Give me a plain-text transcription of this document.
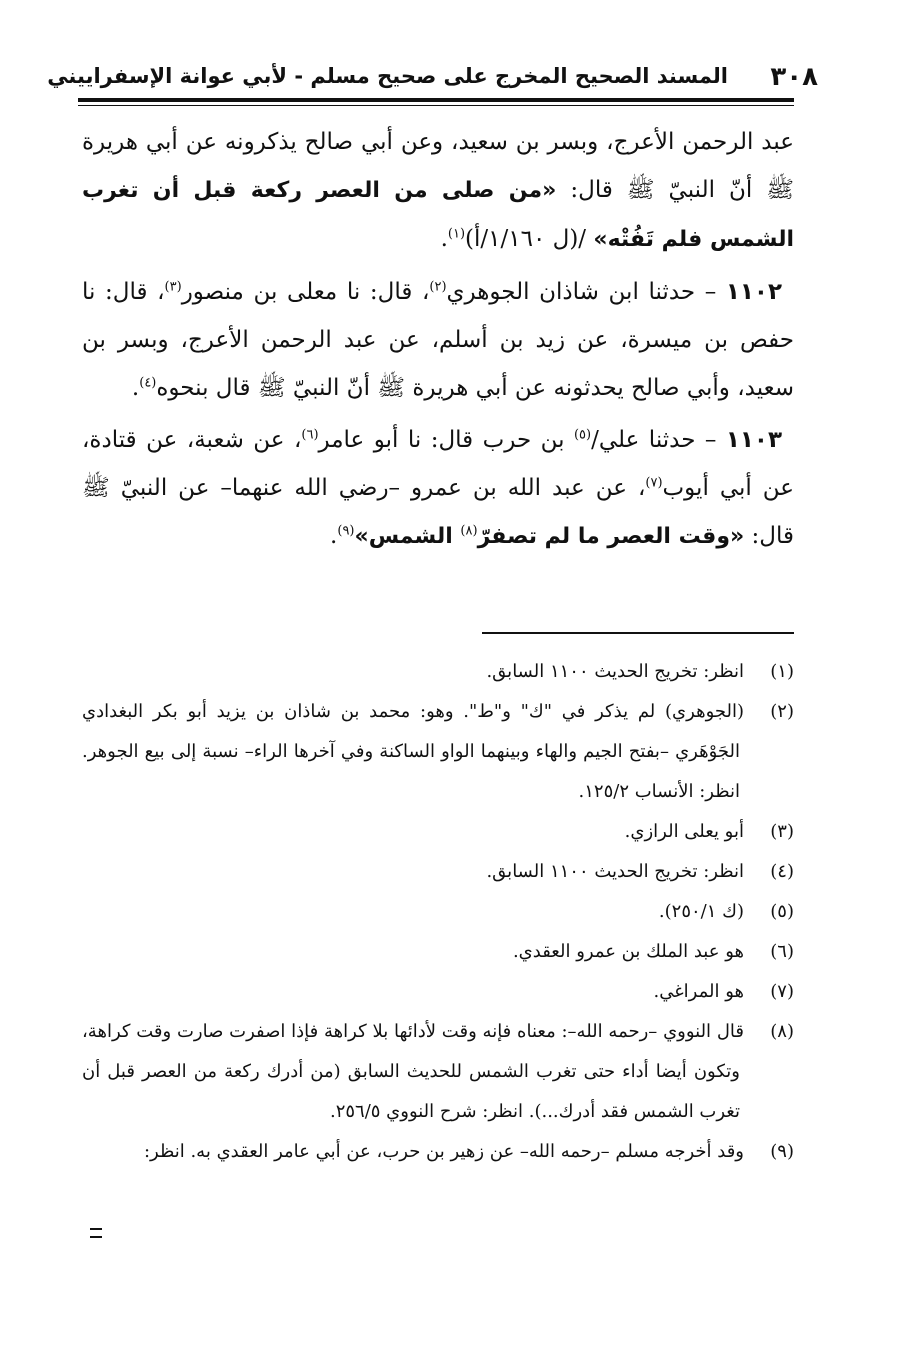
٣٠٨
المسند الصحيح المخرج على صحيح مسلم - لأبي عوانة الإسفراييني

عبد الرحمن الأعرج، وبسر بن سعيد، وعن أبي صالح يذكرونه عن أبي هريرة ﷺ أنّ النبيّ ﷺ قال: «من صلى من العصر ركعة قبل أن تغرب الشمس فلم تَفُتْه» /(ل ١/١٦٠/أ)$^{(١)}$.

١١٠٢ – حدثنا ابن شاذان الجوهري$^{(٢)}$، قال: نا معلى بن منصور$^{(٣)}$، قال: نا حفص بن ميسرة، عن زيد بن أسلم، عن عبد الرحمن الأعرج، وبسر بن سعيد، وأبي صالح يحدثونه عن أبي هريرة ﷺ أنّ النبيّ ﷺ قال بنحوه$^{(٤)}$.

١١٠٣ – حدثنا علي/$^{(٥)}$ بن حرب قال: نا أبو عامر$^{(٦)}$، عن شعبة، عن قتادة، عن أبي أيوب$^{(٧)}$، عن عبد الله بن عمرو –رضي الله عنهما– عن النبيّ ﷺ قال: «وقت العصر ما لم تصفرّ$^{(٨)}$ الشمس»$^{(٩)}$.

(١)انظر: تخريج الحديث ١١٠٠ السابق.

(٢)(الجوهري) لم يذكر في "ك" و"ط". وهو: محمد بن شاذان بن يزيد أبو بكر البغدادي الجَوْهَري –بفتح الجيم والهاء وبينهما الواو الساكنة وفي آخرها الراء– نسبة إلى بيع الجوهر. انظر: الأنساب ١٢٥/٢.

(٣)أبو يعلى الرازي.

(٤)انظر: تخريج الحديث ١١٠٠ السابق.

(٥)(ك ٢٥٠/١).

(٦)هو عبد الملك بن عمرو العقدي.

(٧)هو المراغي.

(٨)قال النووي –رحمه الله–: معناه فإنه وقت لأدائها بلا كراهة فإذا اصفرت صارت وقت كراهة، وتكون أيضا أداء حتى تغرب الشمس للحديث السابق (من أدرك ركعة من العصر قبل أن تغرب الشمس فقد أدرك...). انظر: شرح النووي ٢٥٦/٥.

(٩)وقد أخرجه مسلم –رحمه الله– عن زهير بن حرب، عن أبي عامر العقدي به. انظر:
